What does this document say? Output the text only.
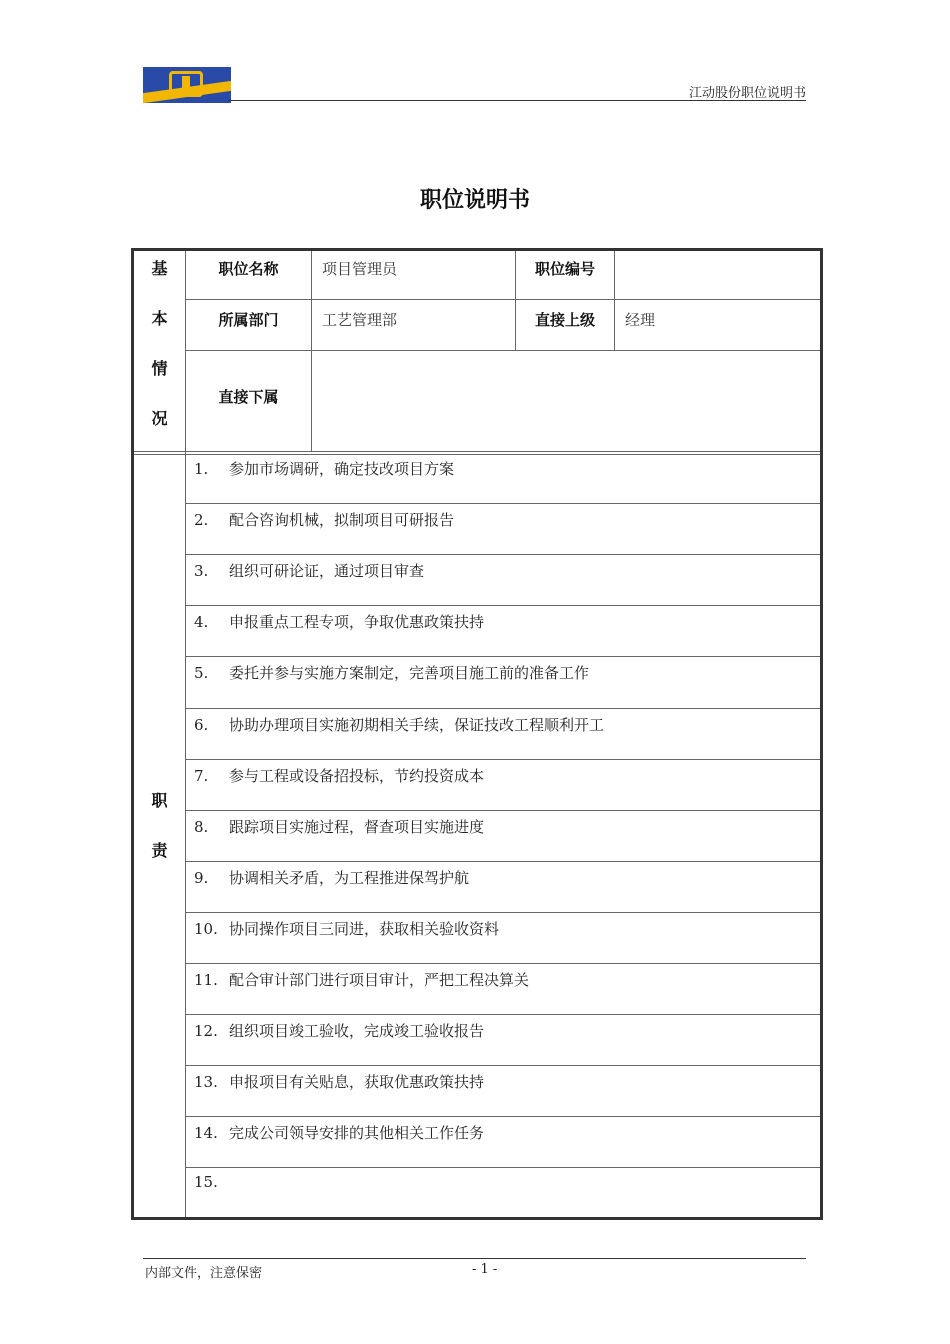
江动股份职位说明书
职位说明书
基
本
情
况
职位名称	项目管理员	职位编号
所属部门	工艺管理部	直接上级	经理
直接下属
职
责
1. 参加市场调研，确定技改项目方案
2. 配合咨询机械，拟制项目可研报告
3. 组织可研论证，通过项目审查
4. 申报重点工程专项，争取优惠政策扶持
5. 委托并参与实施方案制定，完善项目施工前的准备工作
6. 协助办理项目实施初期相关手续，保证技改工程顺利开工
7. 参与工程或设备招投标，节约投资成本
8. 跟踪项目实施过程，督查项目实施进度
9. 协调相关矛盾，为工程推进保驾护航
10. 协同操作项目三同进，获取相关验收资料
11. 配合审计部门进行项目审计，严把工程决算关
12. 组织项目竣工验收，完成竣工验收报告
13. 申报项目有关贴息，获取优惠政策扶持
14. 完成公司领导安排的其他相关工作任务
15.
内部文件，注意保密	- 1 -
